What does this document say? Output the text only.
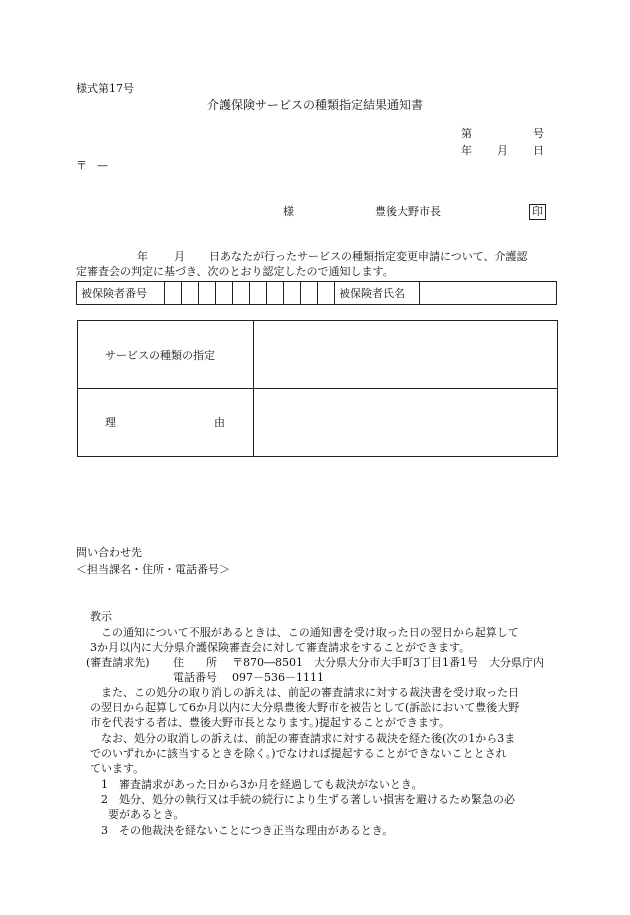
様式第17号
介護保険サービスの種類指定結果通知書
第	号
年 月 日
〒 —
様	豊後大野市長	印
年 月 日あなたが行ったサービスの種類指定変更申請について、介護認
定審査会の判定に基づき、次のとおり認定したので通知します。
被保険者番号											被保険者氏名	
サービスの種類の指定
理	由
問い合わせ先
＜担当課名・住所・電話番号＞
教示
この通知について不服があるときは、この通知書を受け取った日の翌日から起算して
3か月以内に大分県介護保険審査会に対して審査請求をすることができます。
(審査請求先) 住　　所 〒870―8501　大分県大分市大手町3丁目1番1号　大分県庁内
電話番号 097－536－1111
また、この処分の取り消しの訴えは、前記の審査請求に対する裁決書を受け取った日
の翌日から起算して6か月以内に大分県豊後大野市を被告として(訴訟において豊後大野
市を代表する者は、豊後大野市長となります。)提起することができます。
なお、処分の取消しの訴えは、前記の審査請求に対する裁決を経た後(次の1から3ま
でのいずれかに該当するときを除く。)でなければ提起することができないこととされ
ています。
1 審査請求があった日から3か月を経過しても裁決がないとき。
2 処分、処分の執行又は手続の続行により生ずる著しい損害を避けるため緊急の必
要があるとき。
3 その他裁決を経ないことにつき正当な理由があるとき。
